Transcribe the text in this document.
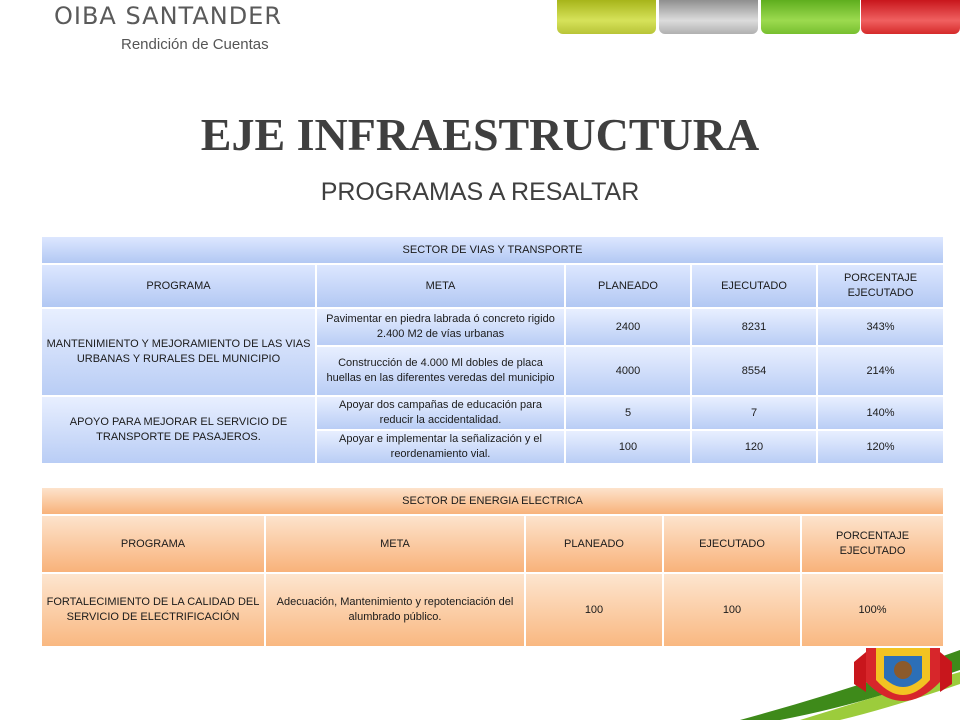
OIBA SANTANDER
Rendición de Cuentas
EJE INFRAESTRUCTURA
PROGRAMAS A RESALTAR
SECTOR DE VIAS Y TRANSPORTE				
PROGRAMA	META	PLANEADO	EJECUTADO	PORCENTAJE EJECUTADO
MANTENIMIENTO Y MEJORAMIENTO DE LAS VIAS URBANAS Y RURALES DEL MUNICIPIO	Pavimentar en piedra labrada ó concreto rigido 2.400 M2 de vías urbanas	2400	8231	343%
	Construcción de 4.000 Ml dobles de placa huellas en las diferentes veredas del municipio	4000	8554	214%
APOYO PARA MEJORAR EL SERVICIO DE TRANSPORTE DE PASAJEROS.	Apoyar dos campañas de educación para reducir la accidentalidad.	5	7	140%
	Apoyar e implementar la señalización y el reordenamiento vial.	100	120	120%
SECTOR DE ENERGIA ELECTRICA				
PROGRAMA	META	PLANEADO	EJECUTADO	PORCENTAJE EJECUTADO
FORTALECIMIENTO DE LA CALIDAD DEL SERVICIO DE ELECTRIFICACIÓN	Adecuación, Mantenimiento y repotenciación del alumbrado público.	100	100	100%
